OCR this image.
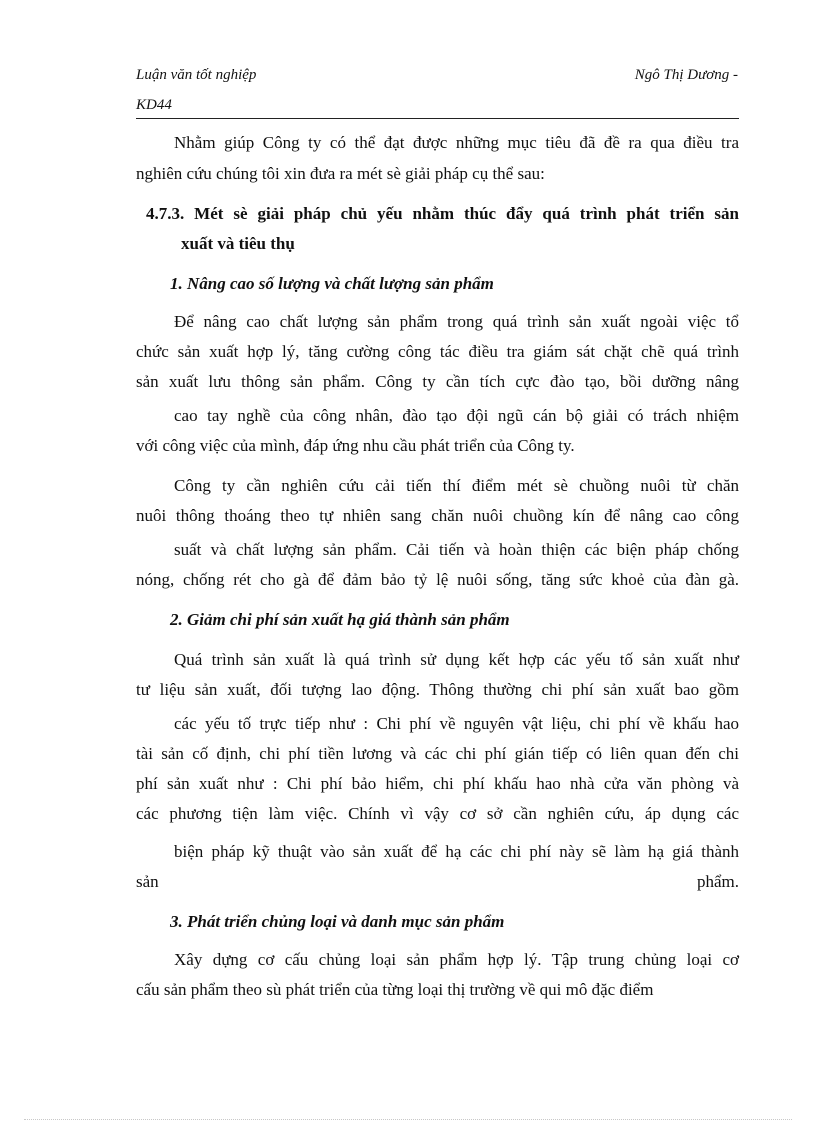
Luận văn tốt nghiệp	Ngô Thị Dương -
KD44
Nhằm giúp Công ty có thể đạt được những mục tiêu đã đề ra qua điều tra
nghiên cứu chúng tôi xin đưa ra mét sè giải pháp cụ thể sau:
4.7.3. Mét sè giải pháp chủ yếu nhằm thúc đẩy quá trình phát triển sản
xuất và tiêu thụ
1. Nâng cao số lượng và chất lượng sản phẩm
Để nâng cao chất lượng sản phẩm trong quá trình sản xuất ngoài việc tổ
chức sản xuất hợp lý, tăng cường công tác điều tra giám sát chặt chẽ quá trình
sản xuất lưu thông sản phẩm. Công ty cần tích cực đào tạo, bồi dưỡng nâng
cao tay nghề của công nhân, đào tạo đội ngũ cán bộ giải có trách nhiệm
với công việc của mình, đáp ứng nhu cầu phát triển của Công ty.
Công ty cần nghiên cứu cải tiến thí điểm mét sè chuồng nuôi từ chăn
nuôi thông thoáng theo tự nhiên sang chăn nuôi chuồng kín để nâng cao công
suất và chất lượng sản phẩm. Cải tiến và hoàn thiện các biện pháp chống
nóng, chống rét cho gà để đảm bảo tỷ lệ nuôi sống, tăng sức khoẻ của đàn gà.
2. Giảm chi phí sản xuất hạ giá thành sản phẩm
Quá trình sản xuất là quá trình sử dụng kết hợp các yếu tố sản xuất như
tư liệu sản xuất, đối tượng lao động. Thông thường chi phí sản xuất bao gồm
các yếu tố trực tiếp như : Chi phí về nguyên vật liệu, chi phí về khấu hao
tài sản cố định, chi phí tiền lương và các chi phí gián tiếp có liên quan đến chi
phí sản xuất như : Chi phí bảo hiểm, chi phí khấu hao nhà cửa văn phòng và
các phương tiện làm việc. Chính vì vậy cơ sở cần nghiên cứu, áp dụng các
biện pháp kỹ thuật vào sản xuất để hạ các chi phí này sẽ làm hạ giá thành
sản phẩm.
3. Phát triển chủng loại và danh mục sản phẩm
Xây dựng cơ cấu chủng loại sản phẩm hợp lý. Tập trung chủng loại cơ
cấu sản phẩm theo sù phát triển của từng loại thị trường về qui mô đặc điểm
